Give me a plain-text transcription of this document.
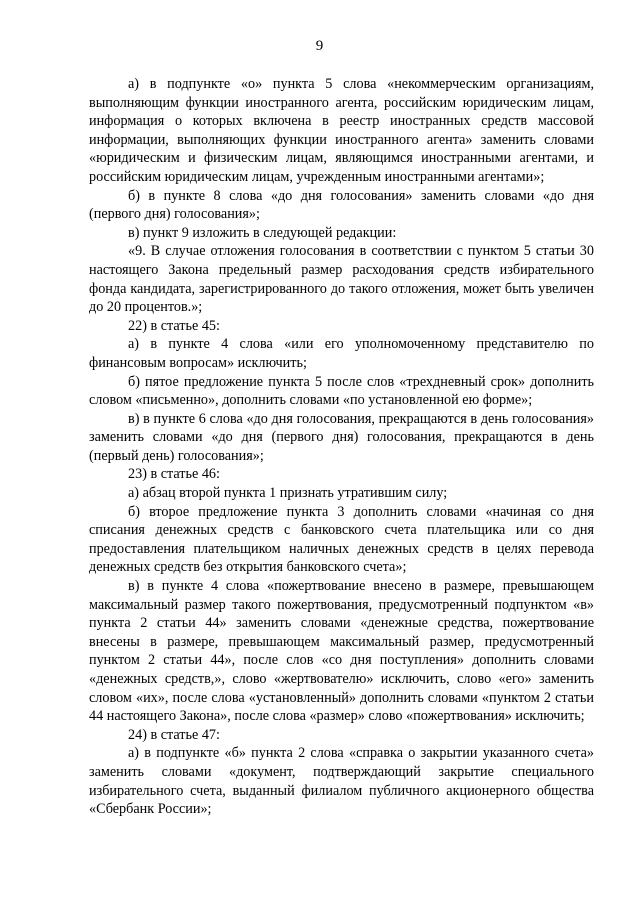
9

а) в подпункте «о» пункта 5 слова «некоммерческим организациям, выполняющим функции иностранного агента, российским юридическим лицам, информация о которых включена в реестр иностранных средств массовой информации, выполняющих функции иностранного агента» заменить словами «юридическим и физическим лицам, являющимся иностранными агентами, и российским юридическим лицам, учрежденным иностранными агентами»;

б) в пункте 8 слова «до дня голосования» заменить словами «до дня (первого дня) голосования»;

в) пункт 9 изложить в следующей редакции:

«9. В случае отложения голосования в соответствии с пунктом 5 статьи 30 настоящего Закона предельный размер расходования средств избирательного фонда кандидата, зарегистрированного до такого отложения, может быть увеличен до 20 процентов.»;

22) в статье 45:

а) в пункте 4 слова «или его уполномоченному представителю по финансовым вопросам» исключить;

б) пятое предложение пункта 5 после слов «трехдневный срок» дополнить словом «письменно», дополнить словами «по установленной ею форме»;

в) в пункте 6 слова «до дня голосования, прекращаются в день голосования» заменить словами «до дня (первого дня) голосования, прекращаются в день (первый день) голосования»;

23) в статье 46:

а) абзац второй пункта 1 признать утратившим силу;

б) второе предложение пункта 3 дополнить словами «начиная со дня списания денежных средств с банковского счета плательщика или со дня предоставления плательщиком наличных денежных средств в целях перевода денежных средств без открытия банковского счета»;

в) в пункте 4 слова «пожертвование внесено в размере, превышающем максимальный размер такого пожертвования, предусмотренный подпунктом «в» пункта 2 статьи 44» заменить словами «денежные средства, пожертвование внесены в размере, превышающем максимальный размер, предусмотренный пунктом 2 статьи 44», после слов «со дня поступления» дополнить словами «денежных средств,», слово «жертвователю» исключить, слово «его» заменить словом «их», после слова «установленный» дополнить словами «пунктом 2 статьи 44 настоящего Закона», после слова «размер» слово «пожертвования» исключить;

24) в статье 47:

а) в подпункте «б» пункта 2 слова «справка о закрытии указанного счета» заменить словами «документ, подтверждающий закрытие специального избирательного счета, выданный филиалом публичного акционерного общества «Сбербанк России»;
